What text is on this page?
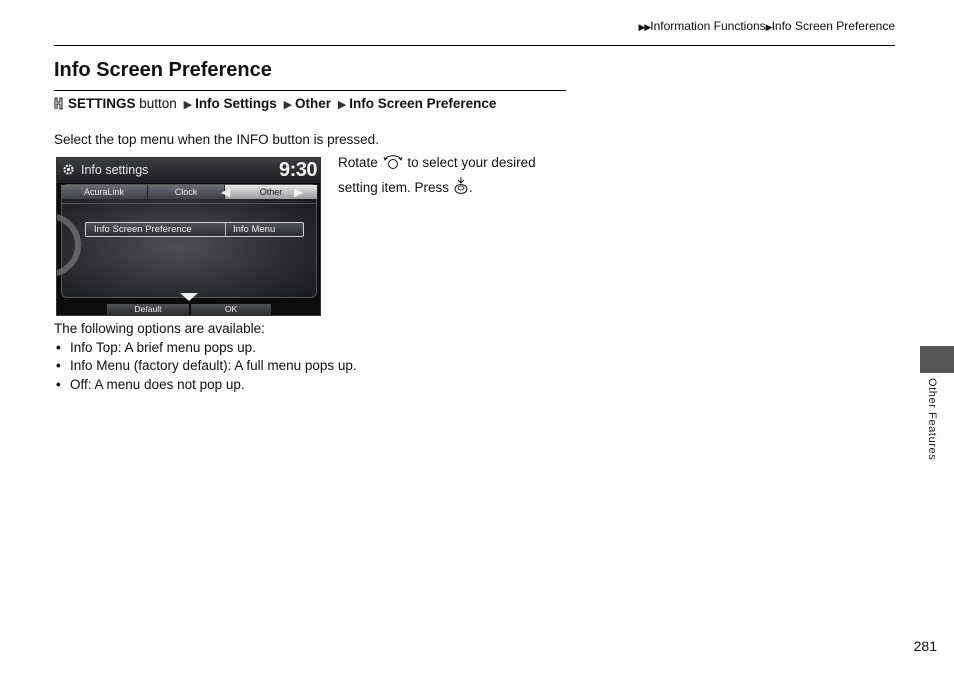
▶▶Information Functions▶Info Screen Preference
Info Screen Preference
SETTINGS button ▶ Info Settings ▶ Other ▶ Info Screen Preference
Select the top menu when the INFO button is pressed.
Info settings	9:30
AcuraLink	Clock	Other
◀	▶
Info Screen Preference	Info Menu
Default	OK
Rotate to select your desired setting item. Press .
The following options are available:
• Info Top: A brief menu pops up.
• Info Menu (factory default): A full menu pops up.
• Off: A menu does not pop up.	Other Features
281
